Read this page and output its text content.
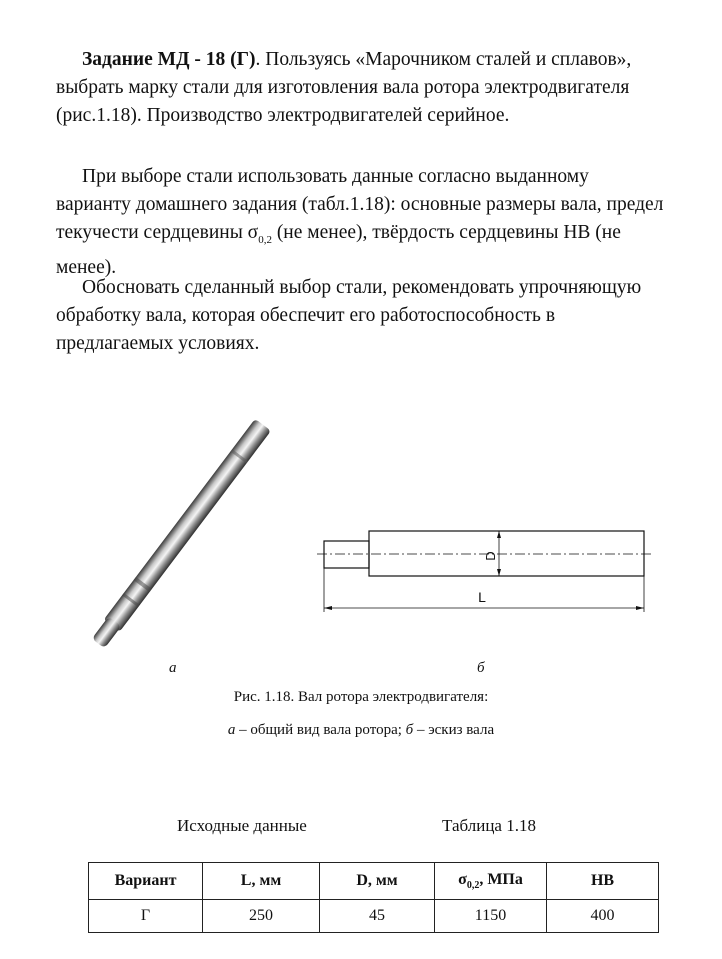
Задание МД - 18 (Г). Пользуясь «Марочником сталей и сплавов», выбрать марку стали для изготовления вала ротора электродвигателя (рис.1.18). Производство электродвигателей серийное.

При выборе стали использовать данные согласно выданному варианту домашнего задания (табл.1.18): основные размеры вала, предел текучести сердцевины $\sigma_{0,2}$ (не менее), твёрдость сердцевины НВ (не менее).

Обосновать сделанный выбор стали, рекомендовать упрочняющую обработку вала, которая обеспечит его работоспособность в предлагаемых условиях.

D
L
а	б
Рис. 1.18. Вал ротора электродвигателя:
а – общий вид вала ротора; б – эскиз вала
Исходные данные	Таблица 1.18
Вариант	L, мм	D, мм	$\sigma_{0,2}$, МПа	НВ
Г	250	45	1150	400
